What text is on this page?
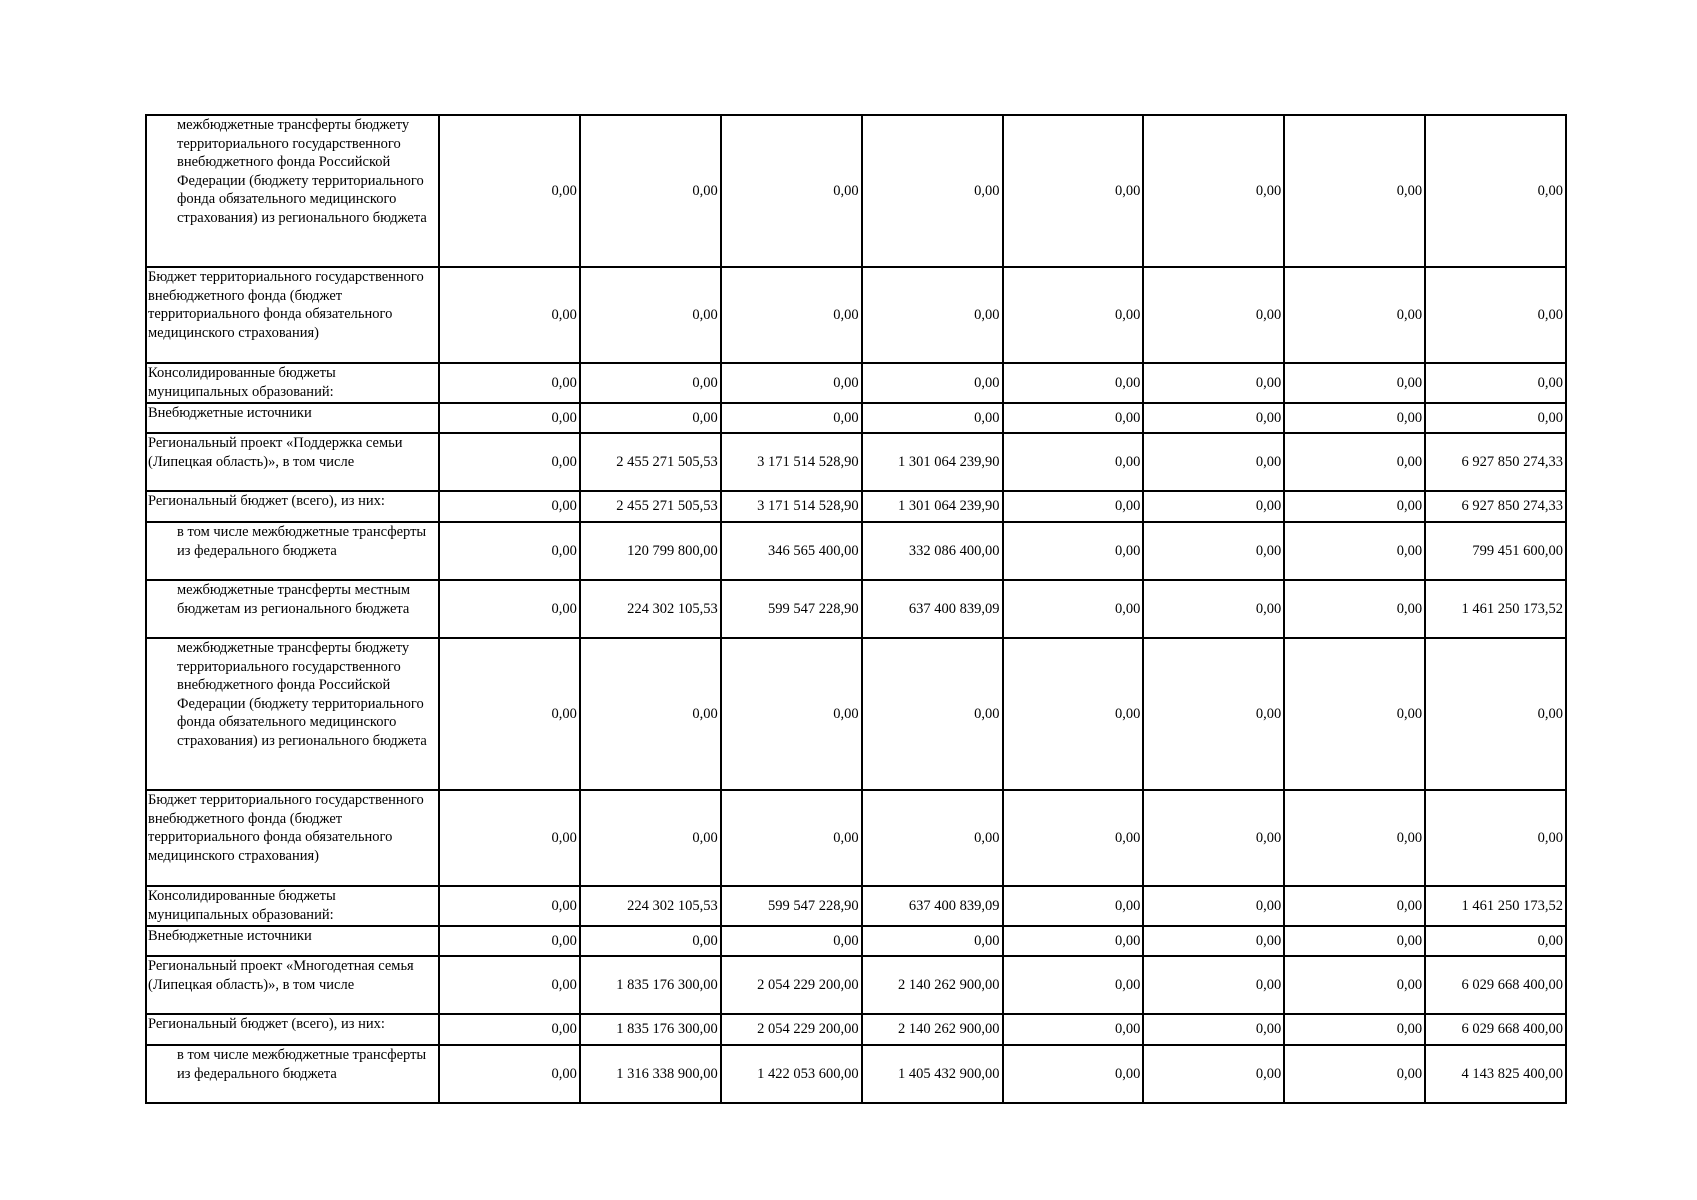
межбюджетные трансферты бюджету территориального государственного внебюджетного фонда Российской Федерации (бюджету территориального фонда обязательного медицинского страхования) из регионального бюджета	0,00	0,00	0,00	0,00	0,00	0,00	0,00	0,00
Бюджет территориального государственного внебюджетного фонда (бюджет территориального фонда обязательного медицинского страхования)	0,00	0,00	0,00	0,00	0,00	0,00	0,00	0,00
Консолидированные бюджеты муниципальных образований:	0,00	0,00	0,00	0,00	0,00	0,00	0,00	0,00
Внебюджетные источники	0,00	0,00	0,00	0,00	0,00	0,00	0,00	0,00
Региональный проект «Поддержка семьи (Липецкая область)», в том числе	0,00	2 455 271 505,53	3 171 514 528,90	1 301 064 239,90	0,00	0,00	0,00	6 927 850 274,33
Региональный бюджет (всего), из них:	0,00	2 455 271 505,53	3 171 514 528,90	1 301 064 239,90	0,00	0,00	0,00	6 927 850 274,33
в том числе межбюджетные трансферты из федерального бюджета	0,00	120 799 800,00	346 565 400,00	332 086 400,00	0,00	0,00	0,00	799 451 600,00
межбюджетные трансферты местным бюджетам из регионального бюджета	0,00	224 302 105,53	599 547 228,90	637 400 839,09	0,00	0,00	0,00	1 461 250 173,52
межбюджетные трансферты бюджету территориального государственного внебюджетного фонда Российской Федерации (бюджету территориального фонда обязательного медицинского страхования) из регионального бюджета	0,00	0,00	0,00	0,00	0,00	0,00	0,00	0,00
Бюджет территориального государственного внебюджетного фонда (бюджет территориального фонда обязательного медицинского страхования)	0,00	0,00	0,00	0,00	0,00	0,00	0,00	0,00
Консолидированные бюджеты муниципальных образований:	0,00	224 302 105,53	599 547 228,90	637 400 839,09	0,00	0,00	0,00	1 461 250 173,52
Внебюджетные источники	0,00	0,00	0,00	0,00	0,00	0,00	0,00	0,00
Региональный проект «Многодетная семья (Липецкая область)», в том числе	0,00	1 835 176 300,00	2 054 229 200,00	2 140 262 900,00	0,00	0,00	0,00	6 029 668 400,00
Региональный бюджет (всего), из них:	0,00	1 835 176 300,00	2 054 229 200,00	2 140 262 900,00	0,00	0,00	0,00	6 029 668 400,00
в том числе межбюджетные трансферты из федерального бюджета	0,00	1 316 338 900,00	1 422 053 600,00	1 405 432 900,00	0,00	0,00	0,00	4 143 825 400,00
